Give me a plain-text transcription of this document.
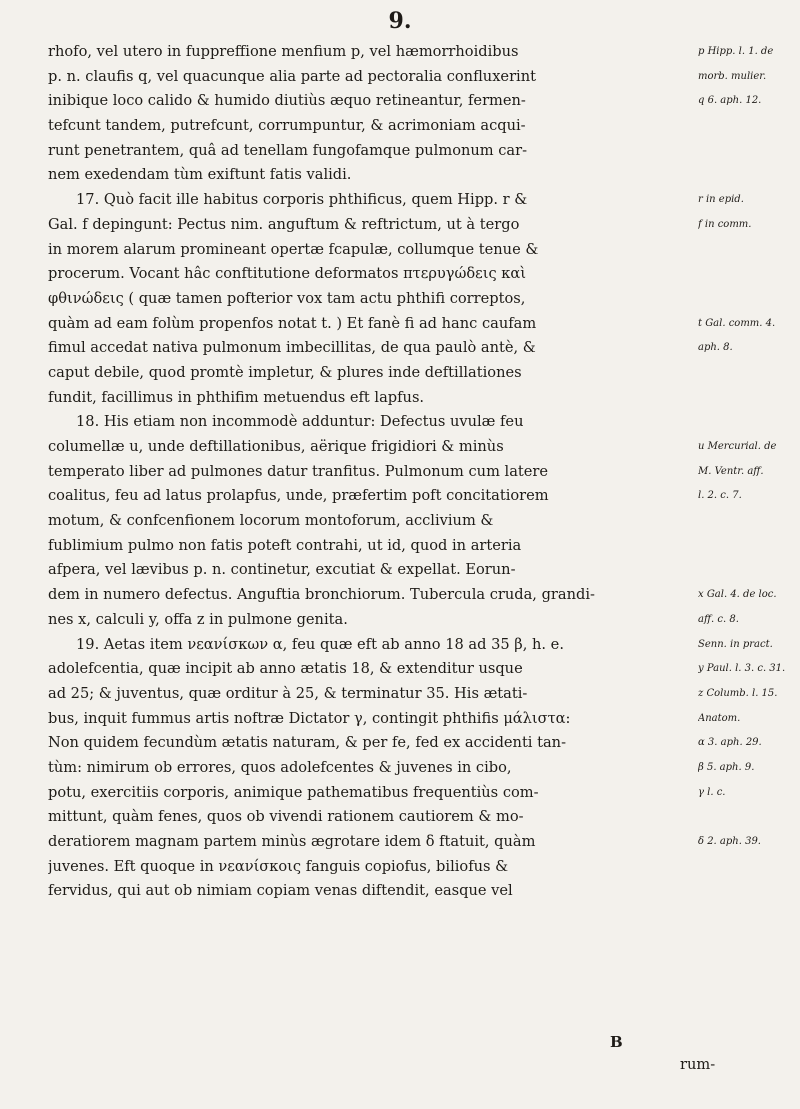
9.
rhofo, vel utero in fuppreffione menfium p, vel hæmorrhoidibus
p. n. claufis q, vel quacunque alia parte ad pectoralia confluxerint
inibique loco calido & humido diutiùs æquo retineantur, fermen-
tefcunt tandem, putrefcunt, corrumpuntur, & acrimoniam acqui-
runt penetrantem, quâ ad tenellam fungofamque pulmonum car-
nem exedendam tùm exiftunt fatis validi.
17. Quò facit ille habitus corporis phthificus, quem Hipp. r &
Gal. f depingunt: Pectus nim. anguftum & reftrictum, ut à tergo
in morem alarum promineant opertæ fcapulæ, collumque tenue &
procerum. Vocant hâc conftitutione deformatos πτερυγώδεις καὶ
φθινώδεις ( quæ tamen pofterior vox tam actu phthifi correptos,
quàm ad eam folùm propenfos notat t. ) Et fanè fi ad hanc caufam
fimul accedat nativa pulmonum imbecillitas, de qua paulò antè, &
caput debile, quod promtè impletur, & plures inde deftillationes
fundit, facillimus in phthifim metuendus eft lapfus.
18. His etiam non incommodè adduntur: Defectus uvulæ feu
columellæ u, unde deftillationibus, aërique frigidiori & minùs
temperato liber ad pulmones datur tranfitus. Pulmonum cum latere
coalitus, feu ad latus prolapfus, unde, præfertim poft concitatiorem
motum, & confcenfionem locorum montoforum, acclivium &
fublimium pulmo non fatis poteft contrahi, ut id, quod in arteria
afpera, vel lævibus p. n. continetur, excutiat & expellat. Eorun-
dem in numero defectus. Anguftia bronchiorum. Tubercula cruda, grandi-
nes x, calculi y, offa z in pulmone genita.
19. Aetas item νεανίσκων α, feu quæ eft ab anno 18 ad 35 β, h. e.
adolefcentia, quæ incipit ab anno ætatis 18, & extenditur usque
ad 25; & juventus, quæ orditur à 25, & terminatur 35. His ætati-
bus, inquit fummus artis noftræ Dictator γ, contingit phthifis μάλιστα:
Non quidem fecundùm ætatis naturam, & per fe, fed ex accidenti tan-
tùm: nimirum ob errores, quos adolefcentes & juvenes in cibo,
potu, exercitiis corporis, animique pathematibus frequentiùs com-
mittunt, quàm fenes, quos ob vivendi rationem cautiorem & mo-
deratiorem magnam partem minùs ægrotare idem δ ftatuit, quàm
juvenes. Eft quoque in νεανίσκοις fanguis copiofus, biliofus &
fervidus, qui aut ob nimiam copiam venas diftendit, easque vel
p Hipp. l. 1. de
morb. mulier.
q 6. aph. 12.
r in epid.
f in comm.
t Gal. comm. 4.
aph. 8.
u Mercurial. de
M. Ventr. aff.
l. 2. c. 7.
x Gal. 4. de loc.
aff. c. 8.
Senn. in pract.
y Paul. l. 3. c. 31.
z Columb. l. 15.
Anatom.
α 3. aph. 29.
β 5. aph. 9.
γ l. c.
δ 2. aph. 39.
B
rum-
